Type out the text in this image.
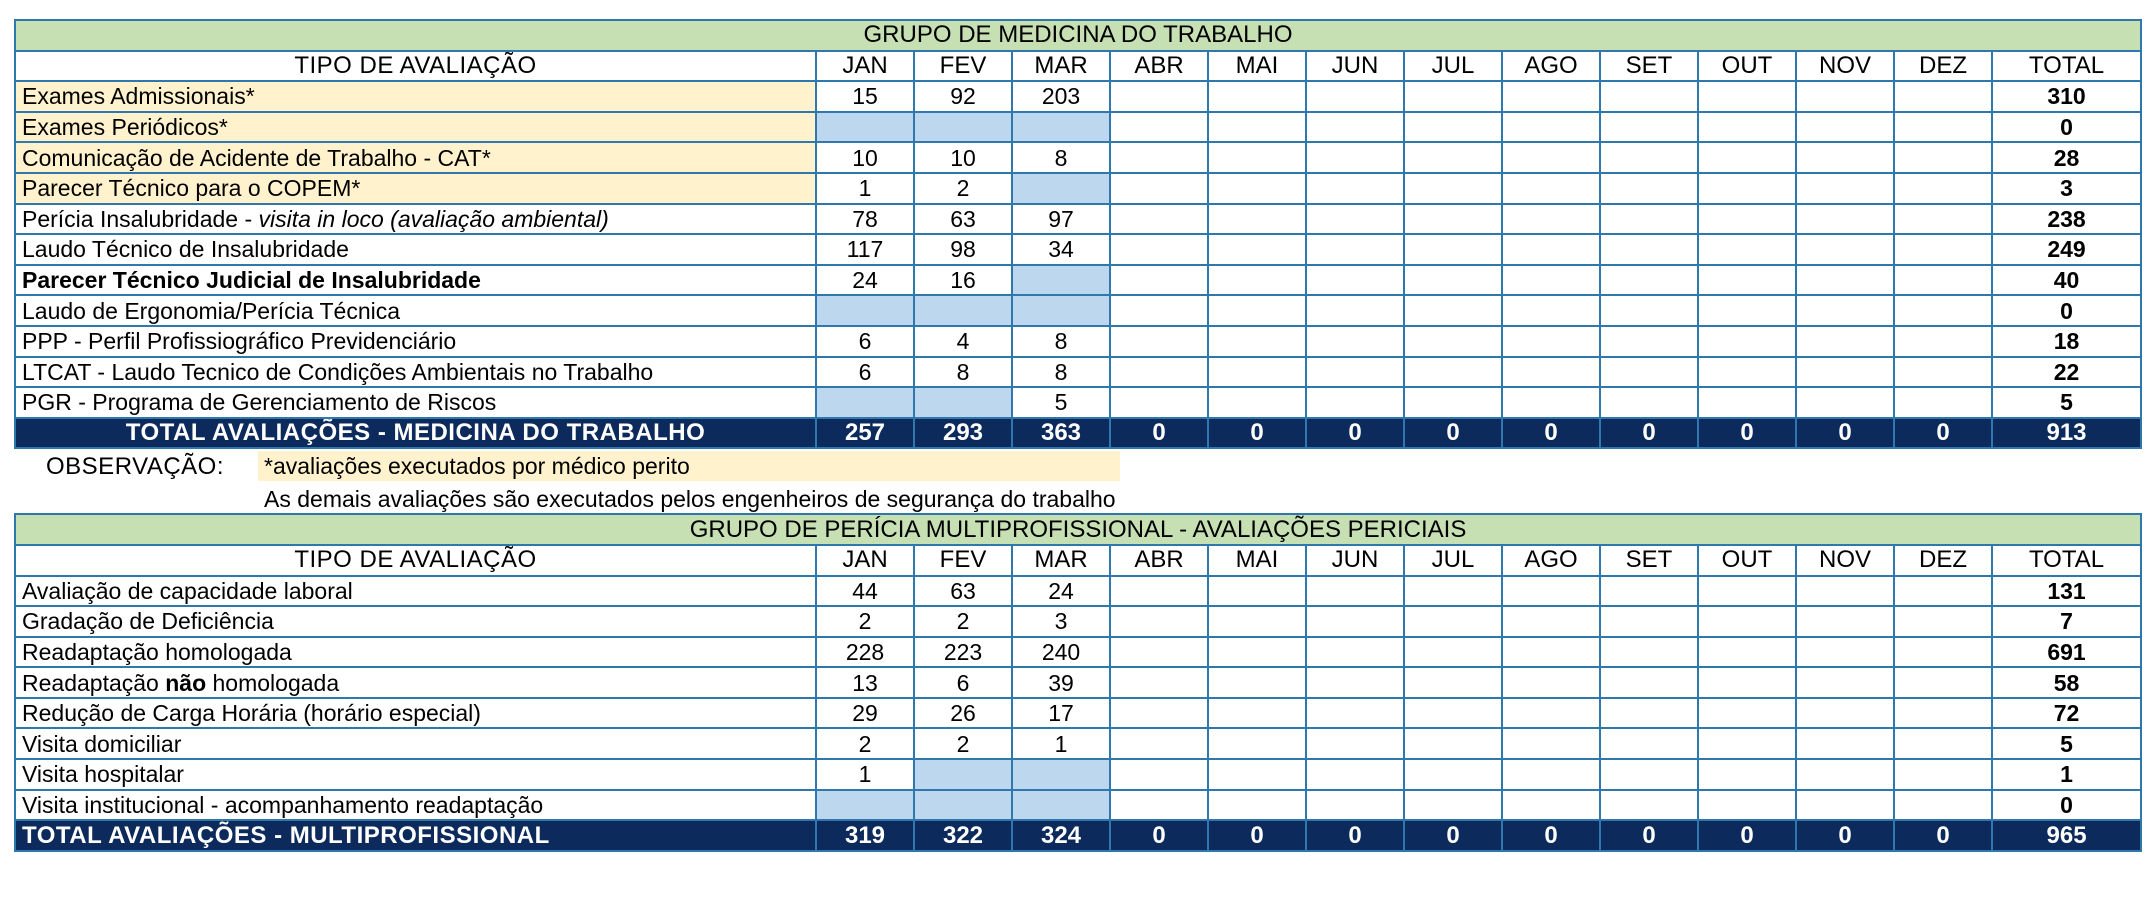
GRUPO DE MEDICINA DO TRABALHO													
TIPO DE AVALIAÇÃO	JAN	FEV	MAR	ABR	MAI	JUN	JUL	AGO	SET	OUT	NOV	DEZ	TOTAL
Exames Admissionais*	15	92	203										310
Exames Periódicos*													0
Comunicação de Acidente de Trabalho - CAT*	10	10	8										28
Parecer Técnico para o COPEM*	1	2											3
Perícia Insalubridade - visita in loco (avaliação ambiental)	78	63	97										238
Laudo Técnico de Insalubridade	117	98	34										249
Parecer Técnico Judicial de Insalubridade	24	16											40
Laudo de Ergonomia/Perícia Técnica													0
PPP - Perfil Profissiográfico Previdenciário	6	4	8										18
LTCAT - Laudo Tecnico de Condições Ambientais no Trabalho	6	8	8										22
PGR - Programa de Gerenciamento de Riscos			5										5
TOTAL AVALIAÇÕES - MEDICINA DO TRABALHO	257	293	363	0	0	0	0	0	0	0	0	0	913
OBSERVAÇÃO: *avaliações executados por médico perito
As demais avaliações são executados pelos engenheiros de segurança do trabalho
GRUPO DE PERÍCIA MULTIPROFISSIONAL - AVALIAÇÕES PERICIAIS													
TIPO DE AVALIAÇÃO	JAN	FEV	MAR	ABR	MAI	JUN	JUL	AGO	SET	OUT	NOV	DEZ	TOTAL
Avaliação de capacidade laboral	44	63	24										131
Gradação de Deficiência	2	2	3										7
Readaptação homologada	228	223	240										691
Readaptação não homologada	13	6	39										58
Redução de Carga Horária (horário especial)	29	26	17										72
Visita domiciliar	2	2	1										5
Visita hospitalar	1												1
Visita institucional - acompanhamento readaptação													0
TOTAL AVALIAÇÕES - MULTIPROFISSIONAL	319	322	324	0	0	0	0	0	0	0	0	0	965
